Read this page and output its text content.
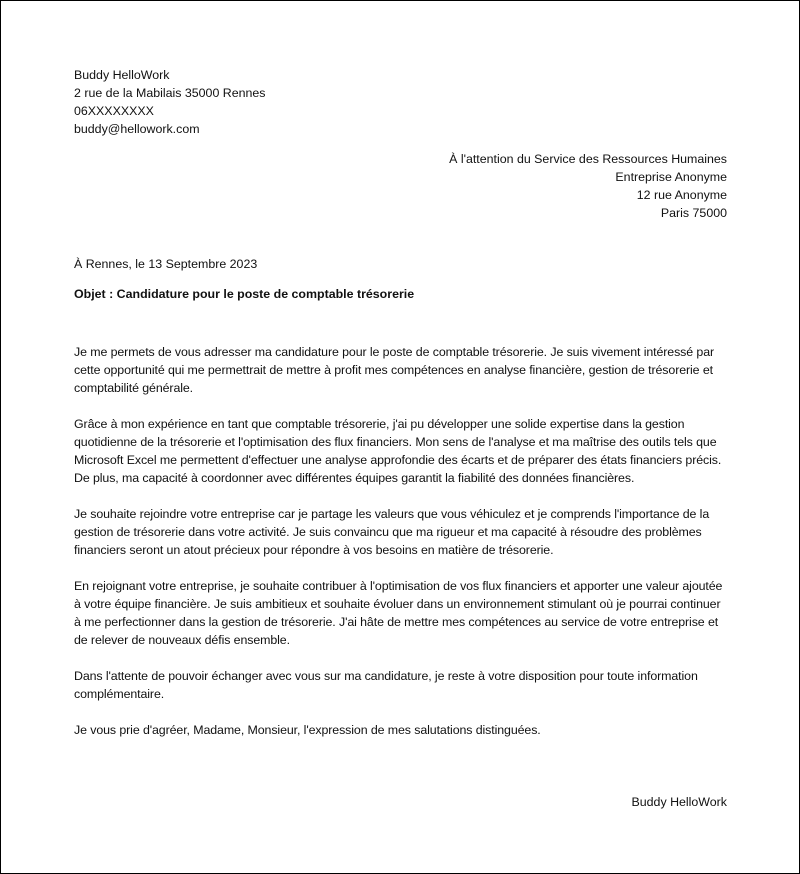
Buddy HelloWork
2 rue de la Mabilais 35000 Rennes
06XXXXXXXX
buddy@hellowork.com
À l'attention du Service des Ressources Humaines
Entreprise Anonyme
12 rue Anonyme
Paris 75000
À Rennes, le 13 Septembre 2023
Objet : Candidature pour le poste de comptable trésorerie

Je me permets de vous adresser ma candidature pour le poste de comptable trésorerie. Je suis vivement intéressé par cette opportunité qui me permettrait de mettre à profit mes compétences en analyse financière, gestion de trésorerie et comptabilité générale.

Grâce à mon expérience en tant que comptable trésorerie, j'ai pu développer une solide expertise dans la gestion quotidienne de la trésorerie et l'optimisation des flux financiers. Mon sens de l'analyse et ma maîtrise des outils tels que Microsoft Excel me permettent d'effectuer une analyse approfondie des écarts et de préparer des états financiers précis. De plus, ma capacité à coordonner avec différentes équipes garantit la fiabilité des données financières.

Je souhaite rejoindre votre entreprise car je partage les valeurs que vous véhiculez et je comprends l'importance de la gestion de trésorerie dans votre activité. Je suis convaincu que ma rigueur et ma capacité à résoudre des problèmes financiers seront un atout précieux pour répondre à vos besoins en matière de trésorerie.

En rejoignant votre entreprise, je souhaite contribuer à l'optimisation de vos flux financiers et apporter une valeur ajoutée à votre équipe financière. Je suis ambitieux et souhaite évoluer dans un environnement stimulant où je pourrai continuer à me perfectionner dans la gestion de trésorerie. J'ai hâte de mettre mes compétences au service de votre entreprise et de relever de nouveaux défis ensemble.

Dans l'attente de pouvoir échanger avec vous sur ma candidature, je reste à votre disposition pour toute information complémentaire.

Je vous prie d'agréer, Madame, Monsieur, l'expression de mes salutations distinguées.

Buddy HelloWork
